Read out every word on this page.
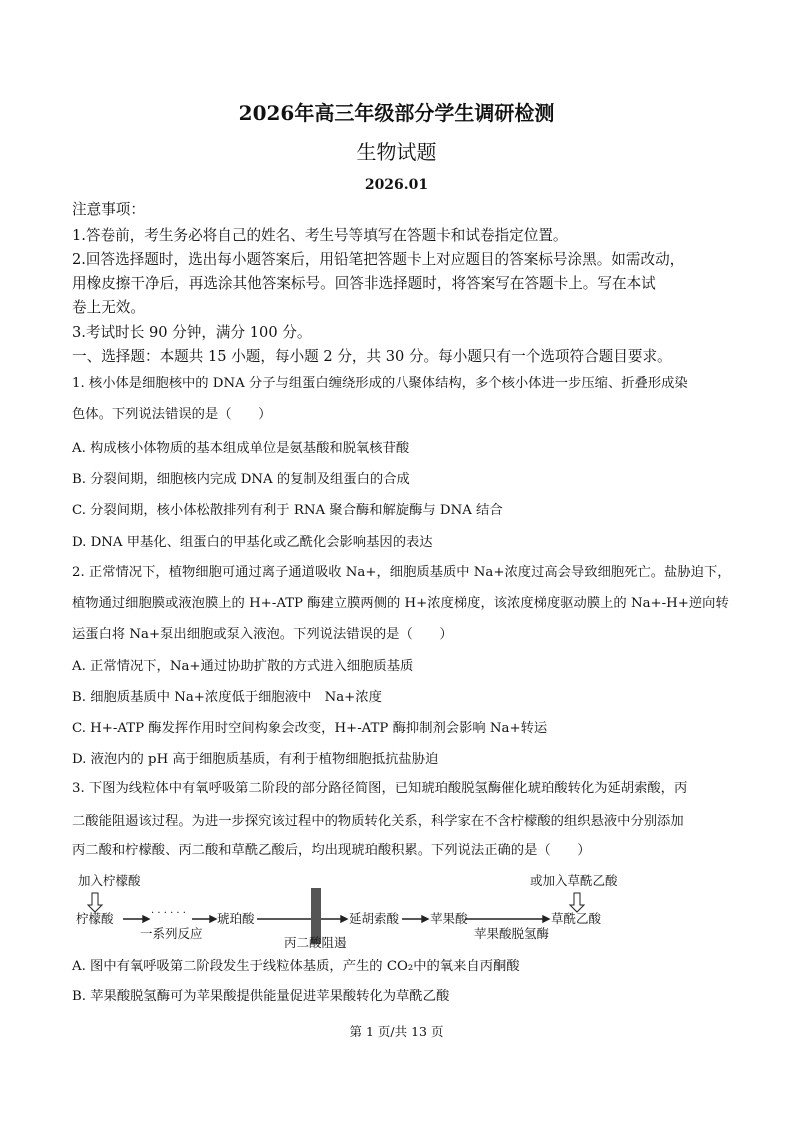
2026年高三年级部分学生调研检测
生物试题
2026.01
注意事项：
1.答卷前，考生务必将自己的姓名、考生号等填写在答题卡和试卷指定位置。
2.回答选择题时，选出每小题答案后，用铅笔把答题卡上对应题目的答案标号涂黑。如需改动，
用橡皮擦干净后，再选涂其他答案标号。回答非选择题时，将答案写在答题卡上。写在本试
卷上无效。
3.考试时长 90 分钟，满分 100 分。
一、选择题：本题共 15 小题，每小题 2 分，共 30 分。每小题只有一个选项符合题目要求。
1. 核小体是细胞核中的 DNA 分子与组蛋白缠绕形成的八聚体结构，多个核小体进一步压缩、折叠形成染
色体。下列说法错误的是（　　）
A. 构成核小体物质的基本组成单位是氨基酸和脱氧核苷酸
B. 分裂间期，细胞核内完成 DNA 的复制及组蛋白的合成
C. 分裂间期，核小体松散排列有利于 RNA 聚合酶和解旋酶与 DNA 结合
D. DNA 甲基化、组蛋白的甲基化或乙酰化会影响基因的表达
2. 正常情况下，植物细胞可通过离子通道吸收 Na+，细胞质基质中 Na+浓度过高会导致细胞死亡。盐胁迫下，
植物通过细胞膜或液泡膜上的 H+-ATP 酶建立膜两侧的 H+浓度梯度，该浓度梯度驱动膜上的 Na+-H+逆向转
运蛋白将 Na+泵出细胞或泵入液泡。下列说法错误的是（　　）
A. 正常情况下，Na+通过协助扩散的方式进入细胞质基质
B. 细胞质基质中 Na+浓度低于细胞液中　Na+浓度
C. H+-ATP 酶发挥作用时空间构象会改变，H+-ATP 酶抑制剂会影响 Na+转运
D. 液泡内的 pH 高于细胞质基质，有利于植物细胞抵抗盐胁迫
3. 下图为线粒体中有氧呼吸第二阶段的部分路径简图，已知琥珀酸脱氢酶催化琥珀酸转化为延胡索酸，丙
二酸能阻遏该过程。为进一步探究该过程中的物质转化关系，科学家在不含柠檬酸的组织悬液中分别添加
丙二酸和柠檬酸、丙二酸和草酰乙酸后，均出现琥珀酸积累。下列说法正确的是（　　）
加入柠檬酸	或加入草酰乙酸
柠檬酸	· · · · · ·
一系列反应
琥珀酸
丙二酸阻遏
延胡索酸 苹果酸	草酰乙酸
苹果酸脱氢酶
A. 图中有氧呼吸第二阶段发生于线粒体基质，产生的 CO₂中的氧来自丙酮酸
B. 苹果酸脱氢酶可为苹果酸提供能量促进苹果酸转化为草酰乙酸
第 1 页/共 13 页
